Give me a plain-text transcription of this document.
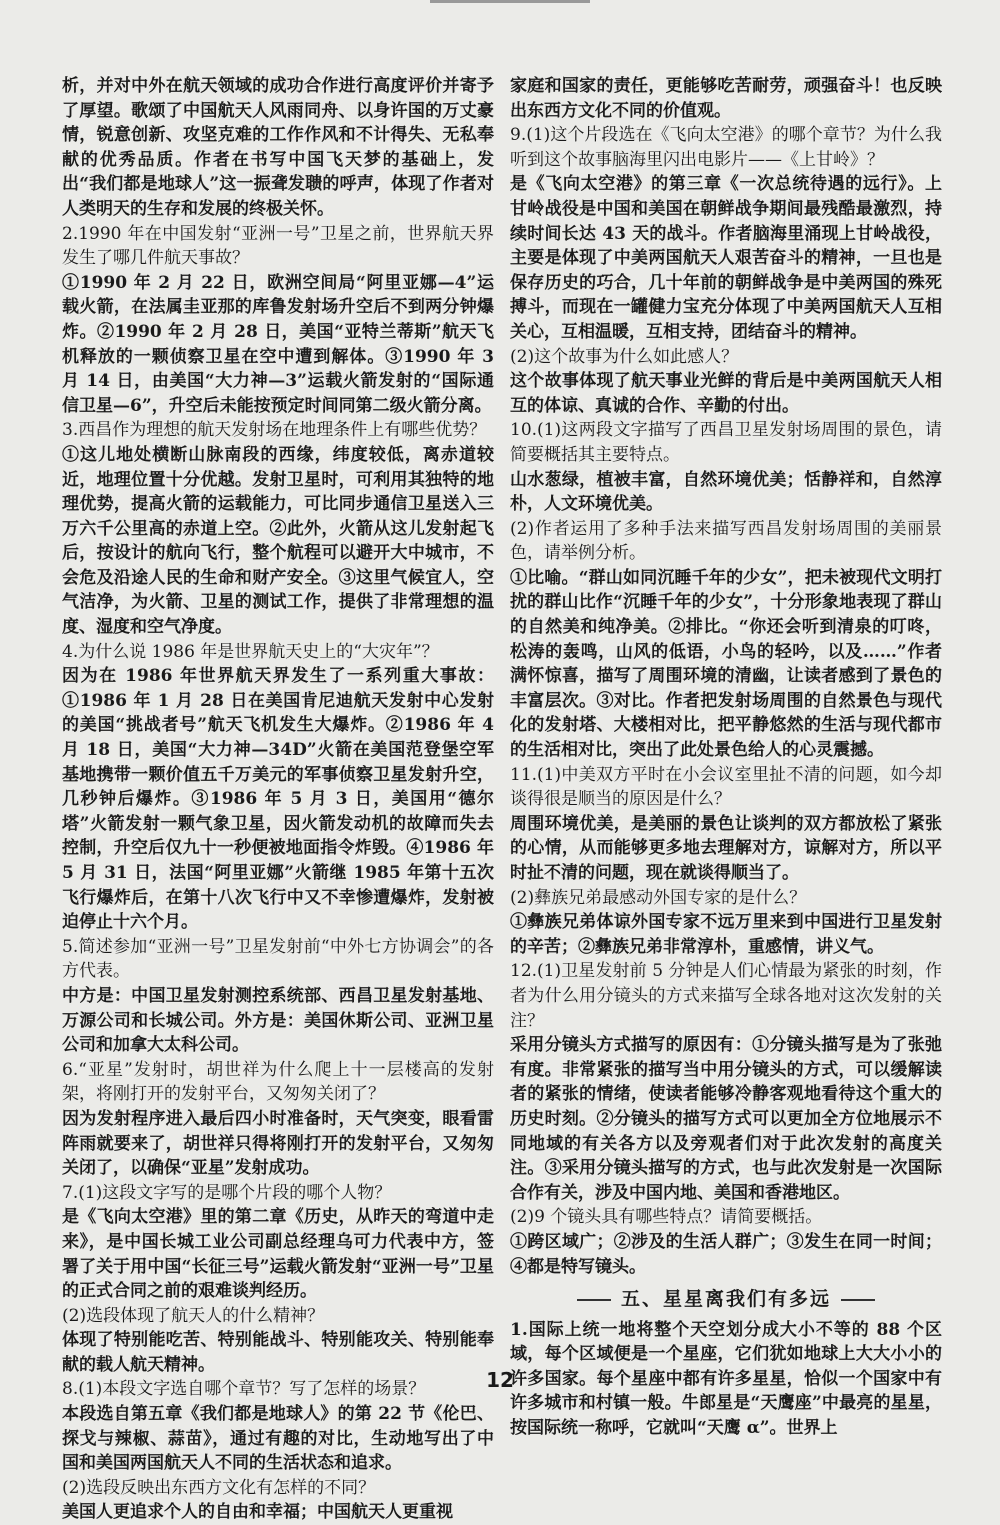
析，并对中外在航天领域的成功合作进行高度评价并寄予了厚望。歌颂了中国航天人风雨同舟、以身许国的万丈豪情，锐意创新、攻坚克难的工作作风和不计得失、无私奉献的优秀品质。作者在书写中国飞天梦的基础上，发出“我们都是地球人”这一振聋发聩的呼声，体现了作者对人类明天的生存和发展的终极关怀。

2.1990 年在中国发射“亚洲一号”卫星之前，世界航天界发生了哪几件航天事故？

①1990 年 2 月 22 日，欧洲空间局“阿里亚娜—4”运载火箭，在法属圭亚那的库鲁发射场升空后不到两分钟爆炸。②1990 年 2 月 28 日，美国“亚特兰蒂斯”航天飞机释放的一颗侦察卫星在空中遭到解体。③1990 年 3 月 14 日，由美国“大力神—3”运载火箭发射的“国际通信卫星—6”，升空后未能按预定时间同第二级火箭分离。

3.西昌作为理想的航天发射场在地理条件上有哪些优势？

①这儿地处横断山脉南段的西缘，纬度较低，离赤道较近，地理位置十分优越。发射卫星时，可利用其独特的地理优势，提高火箭的运载能力，可比同步通信卫星送入三万六千公里高的赤道上空。②此外，火箭从这儿发射起飞后，按设计的航向飞行，整个航程可以避开大中城市，不会危及沿途人民的生命和财产安全。③这里气候宜人，空气洁净，为火箭、卫星的测试工作，提供了非常理想的温度、湿度和空气净度。

4.为什么说 1986 年是世界航天史上的“大灾年”？

因为在 1986 年世界航天界发生了一系列重大事故：①1986 年 1 月 28 日在美国肯尼迪航天发射中心发射的美国“挑战者号”航天飞机发生大爆炸。②1986 年 4 月 18 日，美国“大力神—34D”火箭在美国范登堡空军基地携带一颗价值五千万美元的军事侦察卫星发射升空，几秒钟后爆炸。③1986 年 5 月 3 日，美国用“德尔塔”火箭发射一颗气象卫星，因火箭发动机的故障而失去控制，升空后仅九十一秒便被地面指令炸毁。④1986 年 5 月 31 日，法国“阿里亚娜”火箭继 1985 年第十五次飞行爆炸后，在第十八次飞行中又不幸惨遭爆炸，发射被迫停止十六个月。

5.简述参加“亚洲一号”卫星发射前“中外七方协调会”的各方代表。

中方是：中国卫星发射测控系统部、西昌卫星发射基地、万源公司和长城公司。外方是：美国休斯公司、亚洲卫星公司和加拿大太科公司。

6.“亚星”发射时，胡世祥为什么爬上十一层楼高的发射架，将刚打开的发射平台，又匆匆关闭了？

因为发射程序进入最后四小时准备时，天气突变，眼看雷阵雨就要来了，胡世祥只得将刚打开的发射平台，又匆匆关闭了，以确保“亚星”发射成功。

7.(1)这段文字写的是哪个片段的哪个人物？

是《飞向太空港》里的第二章《历史，从昨天的弯道中走来》，是中国长城工业公司副总经理乌可力代表中方，签署了关于用中国“长征三号”运载火箭发射“亚洲一号”卫星的正式合同之前的艰难谈判经历。

(2)选段体现了航天人的什么精神？

体现了特别能吃苦、特别能战斗、特别能攻关、特别能奉献的载人航天精神。

8.(1)本段文字选自哪个章节？写了怎样的场景？

本段选自第五章《我们都是地球人》的第 22 节《伦巴、探戈与辣椒、蒜苗》，通过有趣的对比，生动地写出了中国和美国两国航天人不同的生活状态和追求。

(2)选段反映出东西方文化有怎样的不同？

美国人更追求个人的自由和幸福；中国航天人更重视

家庭和国家的责任，更能够吃苦耐劳，顽强奋斗！也反映出东西方文化不同的价值观。

9.(1)这个片段选在《飞向太空港》的哪个章节？为什么我听到这个故事脑海里闪出电影片——《上甘岭》？

是《飞向太空港》的第三章《一次总统待遇的远行》。上甘岭战役是中国和美国在朝鲜战争期间最残酷最激烈，持续时间长达 43 天的战斗。作者脑海里涌现上甘岭战役，主要是体现了中美两国航天人艰苦奋斗的精神，一旦也是保存历史的巧合，几十年前的朝鲜战争是中美两国的殊死搏斗，而现在一罐健力宝充分体现了中美两国航天人互相关心，互相温暖，互相支持，团结奋斗的精神。

(2)这个故事为什么如此感人？

这个故事体现了航天事业光鲜的背后是中美两国航天人相互的体谅、真诚的合作、辛勤的付出。

10.(1)这两段文字描写了西昌卫星发射场周围的景色，请简要概括其主要特点。

山水葱绿，植被丰富，自然环境优美；恬静祥和，自然淳朴，人文环境优美。

(2)作者运用了多种手法来描写西昌发射场周围的美丽景色，请举例分析。

①比喻。“群山如同沉睡千年的少女”，把未被现代文明打扰的群山比作“沉睡千年的少女”，十分形象地表现了群山的自然美和纯净美。②排比。“你还会听到清泉的叮咚，松涛的轰鸣，山风的低语，小鸟的轻吟，以及……”作者满怀惊喜，描写了周围环境的清幽，让读者感到了景色的丰富层次。③对比。作者把发射场周围的自然景色与现代化的发射塔、大楼相对比，把平静悠然的生活与现代都市的生活相对比，突出了此处景色给人的心灵震撼。

11.(1)中美双方平时在小会议室里扯不清的问题，如今却谈得很是顺当的原因是什么？

周围环境优美，是美丽的景色让谈判的双方都放松了紧张的心情，从而能够更多地去理解对方，谅解对方，所以平时扯不清的问题，现在就谈得顺当了。

(2)彝族兄弟最感动外国专家的是什么？

①彝族兄弟体谅外国专家不远万里来到中国进行卫星发射的辛苦；②彝族兄弟非常淳朴，重感情，讲义气。

12.(1)卫星发射前 5 分钟是人们心情最为紧张的时刻，作者为什么用分镜头的方式来描写全球各地对这次发射的关注？

采用分镜头方式描写的原因有：①分镜头描写是为了张弛有度。非常紧张的描写当中用分镜头的方式，可以缓解读者的紧张的情绪，使读者能够冷静客观地看待这个重大的历史时刻。②分镜头的描写方式可以更加全方位地展示不同地域的有关各方以及旁观者们对于此次发射的高度关注。③采用分镜头描写的方式，也与此次发射是一次国际合作有关，涉及中国内地、美国和香港地区。

(2)9 个镜头具有哪些特点？请简要概括。

①跨区域广；②涉及的生活人群广；③发生在同一时间；④都是特写镜头。

五、星星离我们有多远

1.国际上统一地将整个天空划分成大小不等的 88 个区域，每个区域便是一个星座，它们犹如地球上大大小小的许多国家。每个星座中都有许多星星，恰似一个国家中有许多城市和村镇一般。牛郎星是“天鹰座”中最亮的星星，按国际统一称呼，它就叫“天鹰 α”。世界上

12
